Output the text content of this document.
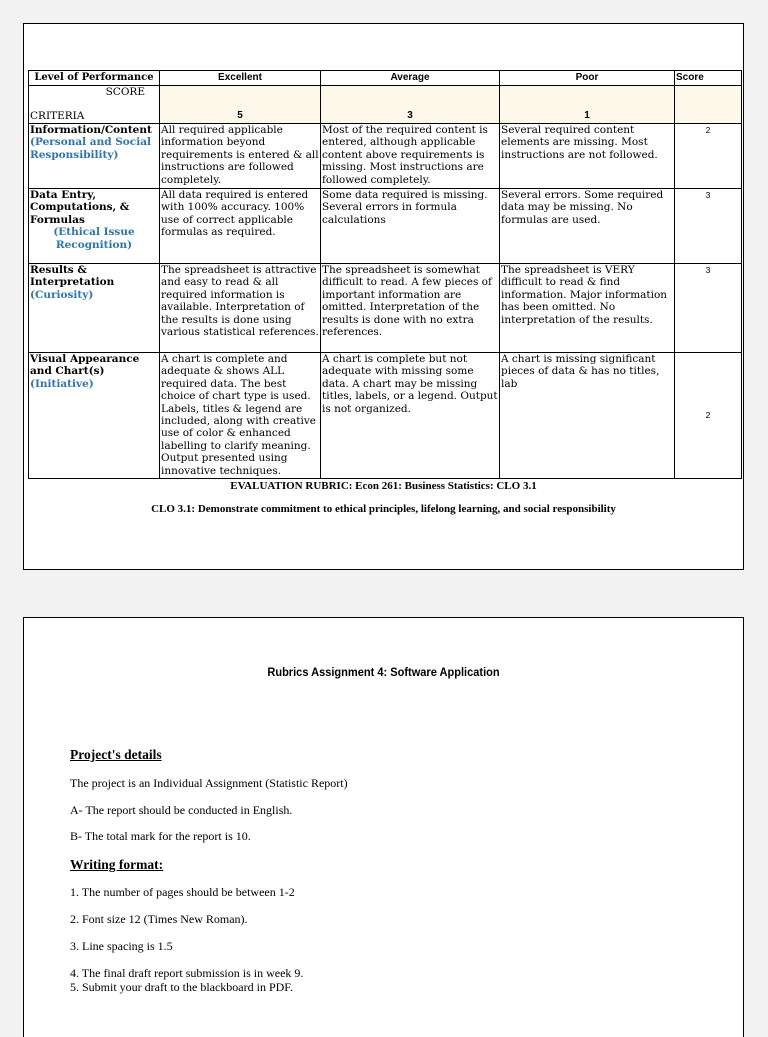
Level of Performance	Excellent	Average	Poor	Score

SCORE
CRITERIA	5	3	1	

Information/Content
(Personal and Social Responsibility)	All required applicable information beyond requirements is entered & all instructions are followed completely.	Most of the required content is entered, although applicable content above requirements is missing. Most instructions are followed completely.	Several required content elements are missing. Most instructions are not followed.	2

Data Entry, Computations, & Formulas
(Ethical Issue Recognition)	All data required is entered with 100% accuracy. 100% use of correct applicable formulas as required.	Some data required is missing. Several errors in formula calculations	Several errors. Some required data may be missing. No formulas are used.	3

Results & Interpretation
(Curiosity)	The spreadsheet is attractive and easy to read & all required information is available. Interpretation of the results is done using various statistical references.	The spreadsheet is somewhat difficult to read. A few pieces of important information are omitted. Interpretation of the results is done with no extra references.	The spreadsheet is VERY difficult to read & find information. Major information has been omitted. No interpretation of the results.	3

Visual Appearance and Chart(s)
(Initiative)	A chart is complete and adequate & shows ALL required data. The best choice of chart type is used. Labels, titles & legend are included, along with creative use of color & enhanced labelling to clarify meaning. Output presented using innovative techniques.	A chart is complete but not adequate with missing some data. A chart may be missing titles, labels, or a legend. Output is not organized.	A chart is missing significant pieces of data & has no titles, lab	2
EVALUATION RUBRIC: Econ 261: Business Statistics: CLO 3.1
CLO 3.1: Demonstrate commitment to ethical principles, lifelong learning, and social responsibility
Rubrics Assignment 4: Software Application
Project's details
The project is an Individual Assignment (Statistic Report)
A- The report should be conducted in English.
B- The total mark for the report is 10.
Writing format:
1. The number of pages should be between 1-2
2. Font size 12 (Times New Roman).
3. Line spacing is 1.5
4. The final draft report submission is in week 9.
5. Submit your draft to the blackboard in PDF.
